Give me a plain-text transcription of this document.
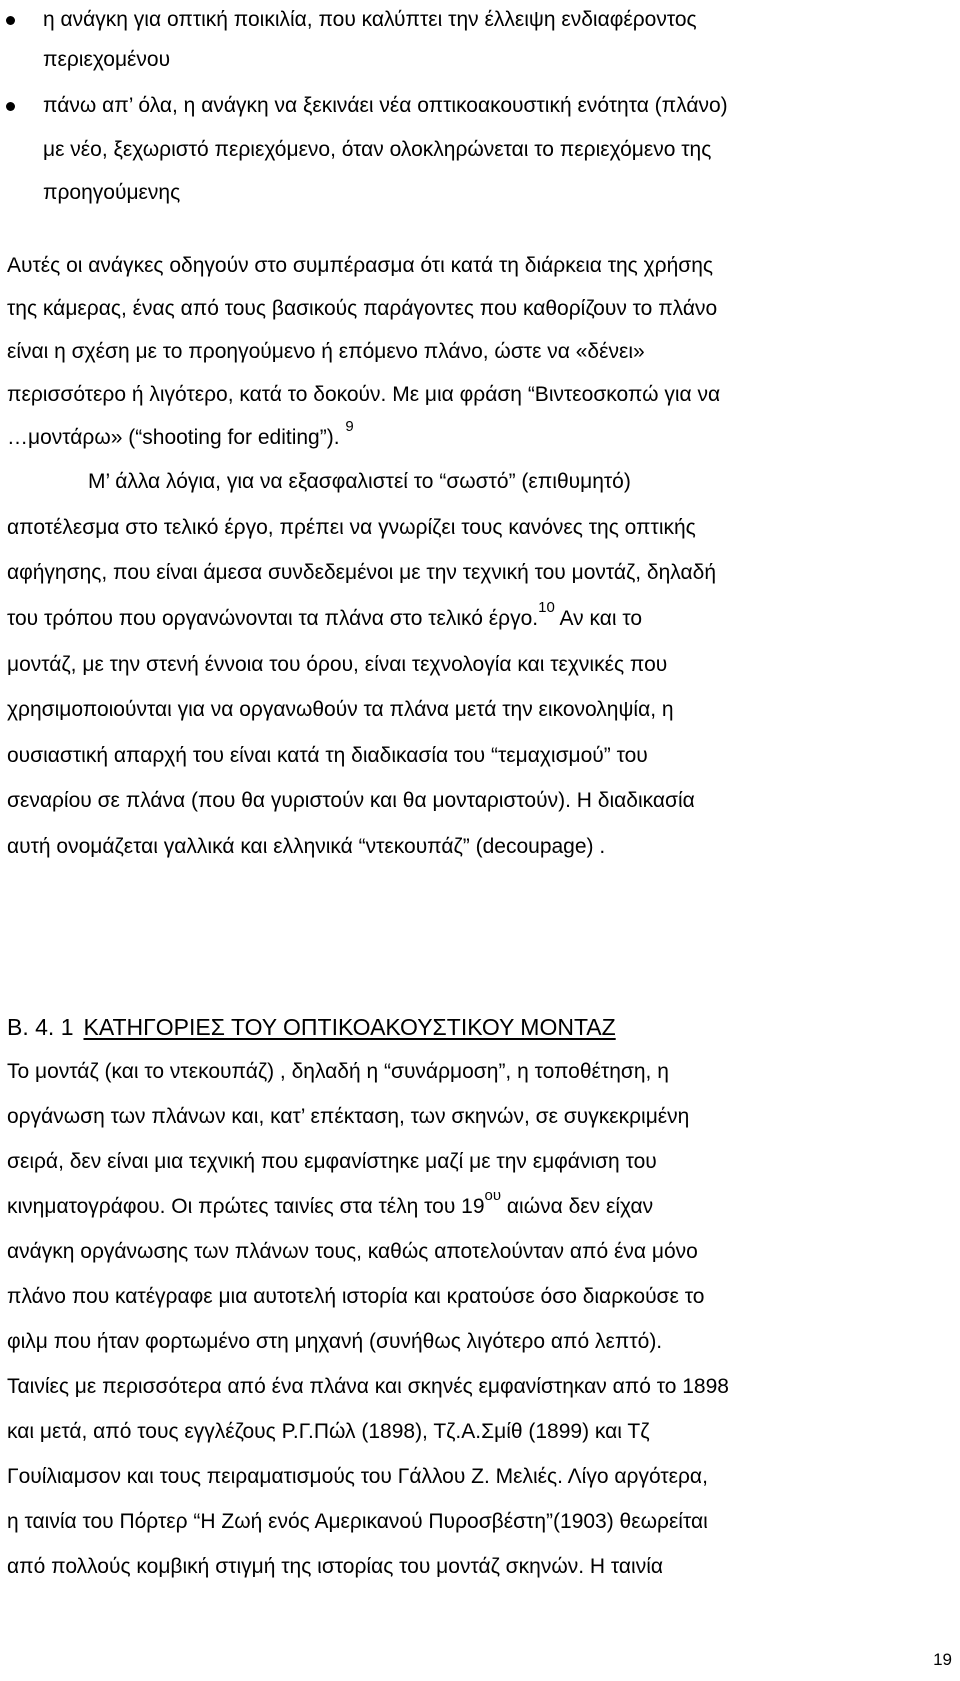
η ανάγκη για οπτική ποικιλία, που καλύπτει την έλλειψη ενδιαφέροντος
περιεχομένου
πάνω απ’ όλα, η ανάγκη να ξεκινάει νέα οπτικοακουστική ενότητα (πλάνο)
με νέο, ξεχωριστό περιεχόμενο, όταν ολοκληρώνεται το περιεχόμενο της
προηγούμενης
Αυτές οι ανάγκες οδηγούν στο συμπέρασμα ότι κατά τη διάρκεια της χρήσης
της κάμερας, ένας από τους βασικούς παράγοντες που καθορίζουν το πλάνο
είναι η σχέση με το προηγούμενο ή επόμενο πλάνο, ώστε να «δένει»
περισσότερο ή λιγότερο, κατά το δοκούν. Με μια φράση “Βιντεοσκοπώ για να
…μοντάρω» (“shooting for editing”). $^9$
Μ’ άλλα λόγια, για να εξασφαλιστεί το “σωστό” (επιθυμητό)
αποτέλεσμα στο τελικό έργο, πρέπει να γνωρίζει τους κανόνες της οπτικής
αφήγησης, που είναι άμεσα συνδεδεμένοι με την τεχνική του μοντάζ, δηλαδή
του τρόπου που οργανώνονται τα πλάνα στο τελικό έργο.$^{10}$ Αν και το
μοντάζ, με την στενή έννοια του όρου, είναι τεχνολογία και τεχνικές που
χρησιμοποιούνται για να οργανωθούν τα πλάνα μετά την εικονοληψία, η
ουσιαστική απαρχή του είναι κατά τη διαδικασία του “τεμαχισμού” του
σεναρίου σε πλάνα (που θα γυριστούν και θα μονταριστούν). Η διαδικασία
αυτή ονομάζεται γαλλικά και ελληνικά “ντεκουπάζ” (decoupage) .
Β. 4. 1 ΚΑΤΗΓΟΡΙΕΣ ΤΟΥ ΟΠΤΙΚΟΑΚΟΥΣΤΙΚΟΥ ΜΟΝΤΑΖ
Το μοντάζ (και το ντεκουπάζ) , δηλαδή η “συνάρμοση”, η τοποθέτηση, η
οργάνωση των πλάνων και, κατ’ επέκταση, των σκηνών, σε συγκεκριμένη
σειρά, δεν είναι μια τεχνική που εμφανίστηκε μαζί με την εμφάνιση του
κινηματογράφου. Οι πρώτες ταινίες στα τέλη του $19^{o\upsilon}$ αιώνα δεν είχαν
ανάγκη οργάνωσης των πλάνων τους, καθώς αποτελούνταν από ένα μόνο
πλάνο που κατέγραφε μια αυτοτελή ιστορία και κρατούσε όσο διαρκούσε το
φιλμ που ήταν φορτωμένο στη μηχανή (συνήθως λιγότερο από λεπτό).
Ταινίες με περισσότερα από ένα πλάνα και σκηνές εμφανίστηκαν από το 1898
και μετά, από τους εγγλέζους Ρ.Γ.Πώλ (1898), Τζ.Α.Σμίθ (1899) και Τζ
Γουίλιαμσον και τους πειραματισμούς του Γάλλου Ζ. Μελιές. Λίγο αργότερα,
η ταινία του Πόρτερ “Η Ζωή ενός Αμερικανού Πυροσβέστη”(1903) θεωρείται
από πολλούς κομβική στιγμή της ιστορίας του μοντάζ σκηνών. Η ταινία
19
